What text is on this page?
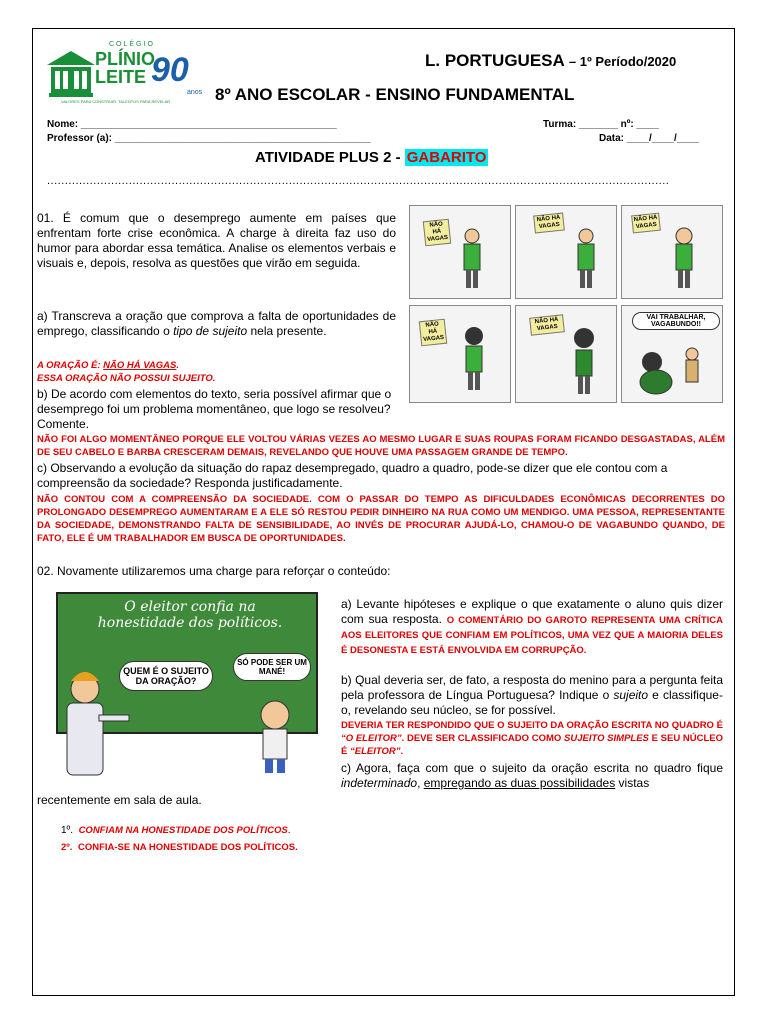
COLÉGIO
PLÍNIO
LEITE 90
anos
VALORES PARA CONSTRUIR, TALENTOS PARA REVELAR
L. PORTUGUESA – 1º Período/2020
8º ANO ESCOLAR - ENSINO FUNDAMENTAL
Nome: ______________________________________________
Professor (a): ______________________________________________
Turma: _______ nº: ____
Data: ____/____/____
ATIVIDADE PLUS 2 - GABARITO
...............................................................................................................................................................................
01. É comum que o desemprego aumente em países que enfrentam forte crise econômica. A charge à direita faz uso do humor para abordar essa temática. Analise os elementos verbais e visuais e, depois, resolva as questões que virão em seguida.
a) Transcreva a oração que comprova a falta de oportunidades de emprego, classificando o tipo de sujeito nela presente.
A ORAÇÃO É: NÃO HÁ VAGAS.
ESSA ORAÇÃO NÃO POSSUI SUJEITO.
b) De acordo com elementos do texto, seria possível afirmar que o desemprego foi um problema momentâneo, que logo se resolveu? Comente.
NÃO FOI ALGO MOMENTÂNEO PORQUE ELE VOLTOU VÁRIAS VEZES AO MESMO LUGAR E SUAS ROUPAS FORAM FICANDO DESGASTADAS, ALÉM DE SEU CABELO E BARBA CRESCERAM DEMAIS, REVELANDO QUE HOUVE UMA PASSAGEM GRANDE DE TEMPO.
c) Observando a evolução da situação do rapaz desempregado, quadro a quadro, pode-se dizer que ele contou com a compreensão da sociedade? Responda justificadamente.
NÃO CONTOU COM A COMPREENSÃO DA SOCIEDADE. COM O PASSAR DO TEMPO AS DIFICULDADES ECONÔMICAS DECORRENTES DO PROLONGADO DESEMPREGO AUMENTARAM E A ELE SÓ RESTOU PEDIR DINHEIRO NA RUA COMO UM MENDIGO. UMA PESSOA, REPRESENTANTE DA SOCIEDADE, DEMONSTRANDO FALTA DE SENSIBILIDADE, AO INVÉS DE PROCURAR AJUDÁ-LO, CHAMOU-O DE VAGABUNDO QUANDO, DE FATO, ELE É UM TRABALHADOR EM BUSCA DE OPORTUNIDADES.
NÃO HÁ VAGAS
NÃO HÁ VAGAS
NÃO HÁ VAGAS
NÃO HÁ VAGAS
NÃO HÁ VAGAS
VAI TRABALHAR, VAGABUNDO!!
02. Novamente utilizaremos uma charge para reforçar o conteúdo:
O eleitor confia na honestidade dos políticos.
QUEM É O SUJEITO DA ORAÇÃO?
SÓ PODE SER UM MANÉ!
a) Levante hipóteses e explique o que exatamente o aluno quis dizer com sua resposta. O COMENTÁRIO DO GAROTO REPRESENTA UMA CRÍTICA AOS ELEITORES QUE CONFIAM EM POLÍTICOS, UMA VEZ QUE A MAIORIA DELES É DESONESTA E ESTÁ ENVOLVIDA EM CORRUPÇÃO.
b) Qual deveria ser, de fato, a resposta do menino para a pergunta feita pela professora de Língua Portuguesa? Indique o sujeito e classifique-o, revelando seu núcleo, se for possível.
DEVERIA TER RESPONDIDO QUE O SUJEITO DA ORAÇÃO ESCRITA NO QUADRO É “O ELEITOR”. DEVE SER CLASSIFICADO COMO SUJEITO SIMPLES E SEU NÚCLEO É “ELEITOR”.
c) Agora, faça com que o sujeito da oração escrita no quadro fique indeterminado, empregando as duas possibilidades vistas
recentemente em sala de aula.
1º. CONFIAM NA HONESTIDADE DOS POLÍTICOS.
2º. CONFIA-SE NA HONESTIDADE DOS POLÍTICOS.
